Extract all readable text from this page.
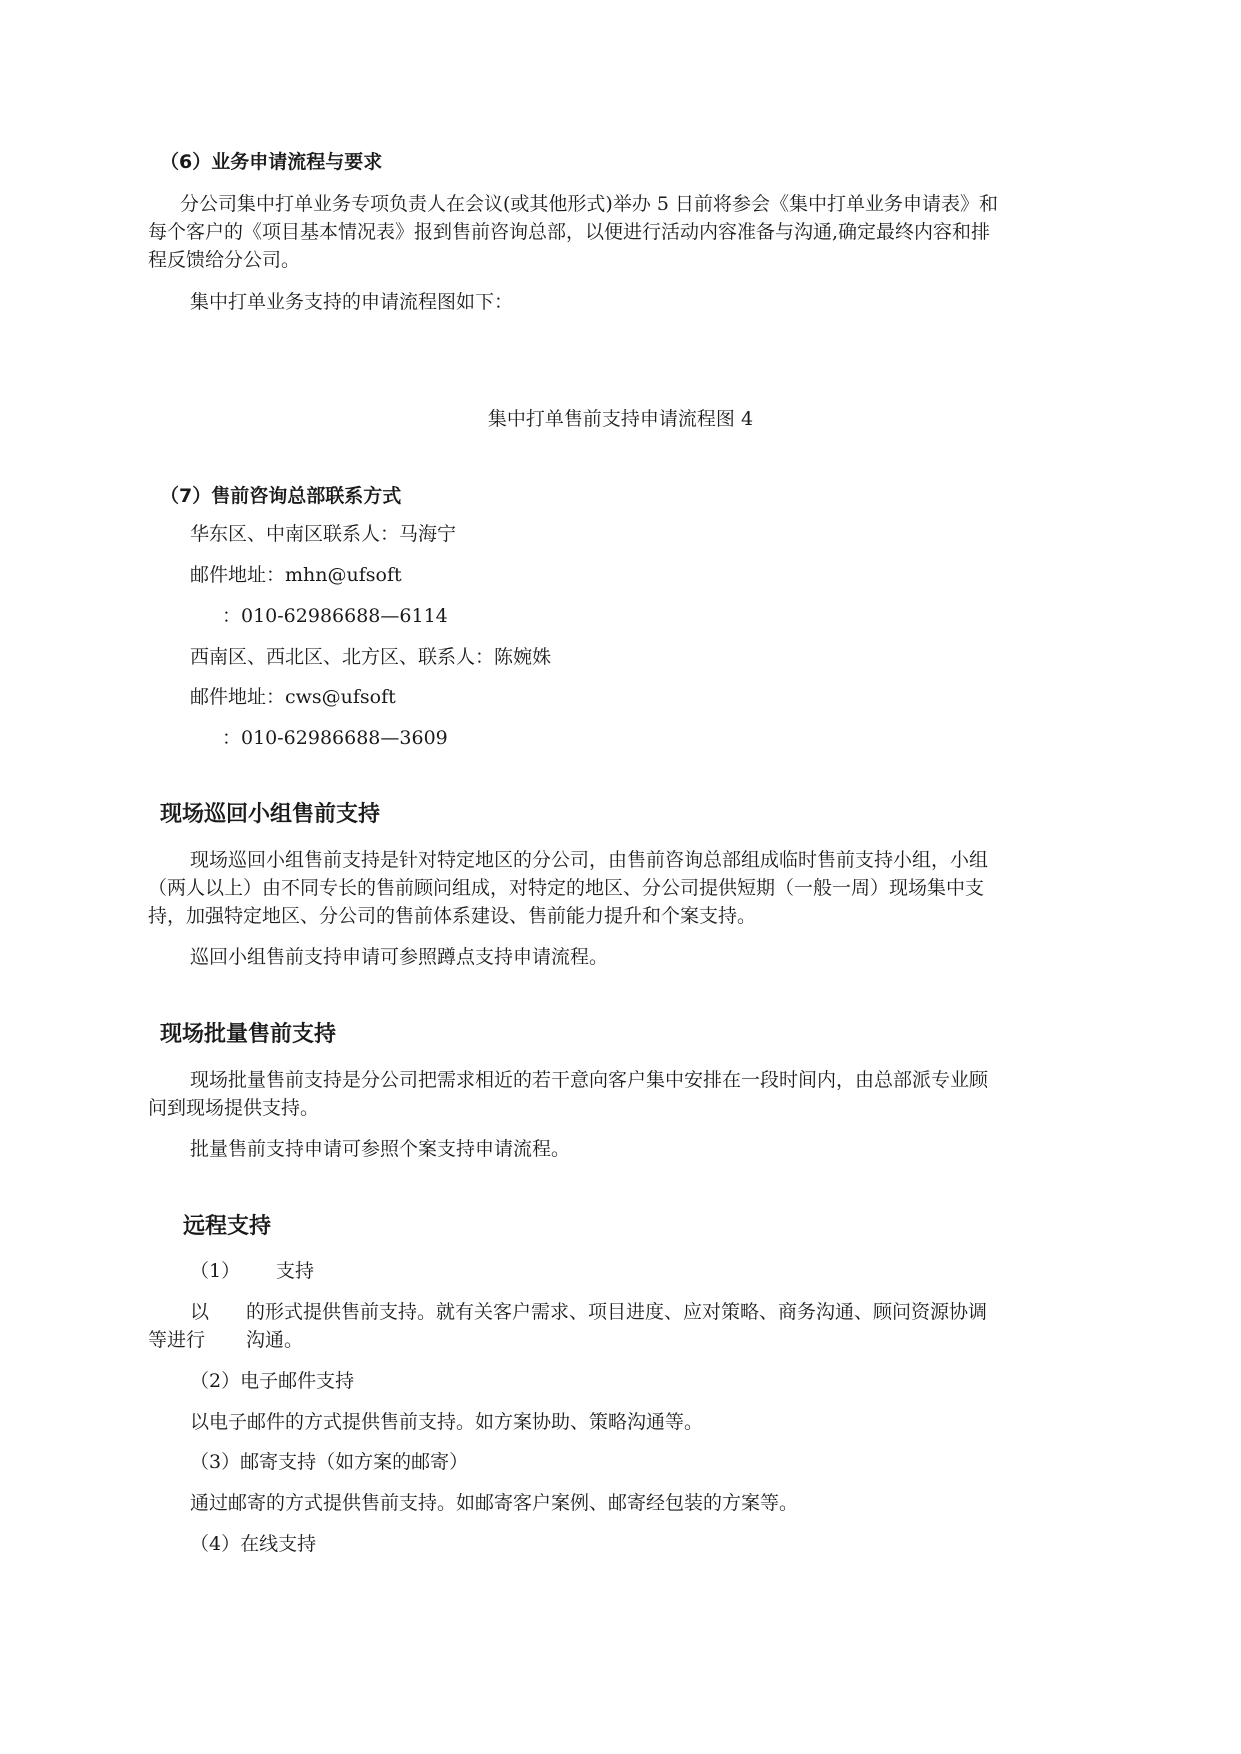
（6）业务申请流程与要求
分公司集中打单业务专项负责人在会议(或其他形式)举办 5 日前将参会《集中打单业务申请表》和
每个客户的《项目基本情况表》报到售前咨询总部，以便进行活动内容准备与沟通,确定最终内容和排
程反馈给分公司。
集中打单业务支持的申请流程图如下：
集中打单售前支持申请流程图 4
（7）售前咨询总部联系方式
华东区、中南区联系人：马海宁
邮件地址：mhn@ufsoft
：010-62986688—6114
西南区、西北区、北方区、联系人：陈婉姝
邮件地址：cws@ufsoft
：010-62986688—3609
现场巡回小组售前支持
现场巡回小组售前支持是针对特定地区的分公司，由售前咨询总部组成临时售前支持小组，小组
（两人以上）由不同专长的售前顾问组成，对特定的地区、分公司提供短期（一般一周）现场集中支
持，加强特定地区、分公司的售前体系建设、售前能力提升和个案支持。
巡回小组售前支持申请可参照蹲点支持申请流程。
现场批量售前支持
现场批量售前支持是分公司把需求相近的若干意向客户集中安排在一段时间内，由总部派专业顾
问到现场提供支持。
批量售前支持申请可参照个案支持申请流程。
远程支持
（1） 支持
以 的形式提供售前支持。就有关客户需求、项目进度、应对策略、商务沟通、顾问资源协调
等进行 沟通。
（2）电子邮件支持
以电子邮件的方式提供售前支持。如方案协助、策略沟通等。
（3）邮寄支持（如方案的邮寄）
通过邮寄的方式提供售前支持。如邮寄客户案例、邮寄经包装的方案等。
（4）在线支持
